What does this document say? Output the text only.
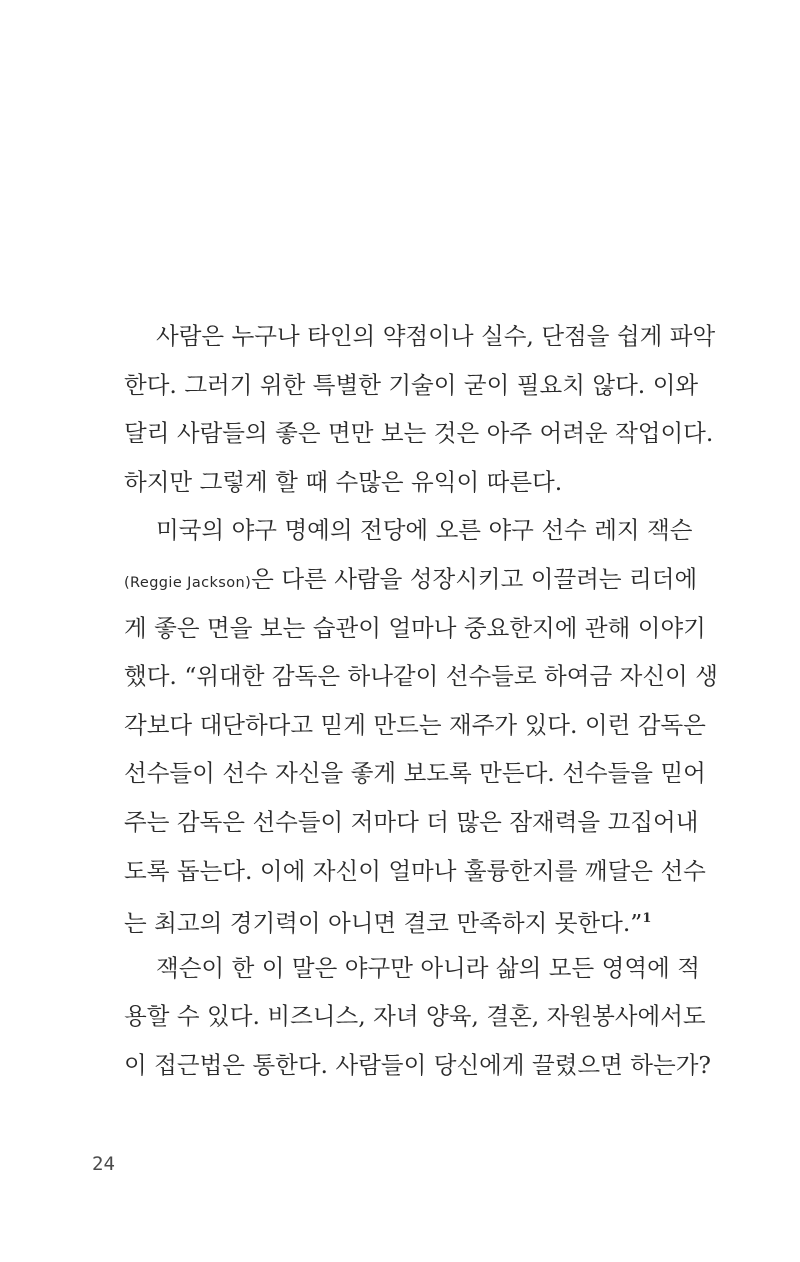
사람은 누구나 타인의 약점이나 실수, 단점을 쉽게 파악
한다. 그러기 위한 특별한 기술이 굳이 필요치 않다. 이와
달리 사람들의 좋은 면만 보는 것은 아주 어려운 작업이다.
하지만 그렇게 할 때 수많은 유익이 따른다.
미국의 야구 명예의 전당에 오른 야구 선수 레지 잭슨
(Reggie Jackson)은 다른 사람을 성장시키고 이끌려는 리더에
게 좋은 면을 보는 습관이 얼마나 중요한지에 관해 이야기
했다. “위대한 감독은 하나같이 선수들로 하여금 자신이 생
각보다 대단하다고 믿게 만드는 재주가 있다. 이런 감독은
선수들이 선수 자신을 좋게 보도록 만든다. 선수들을 믿어
주는 감독은 선수들이 저마다 더 많은 잠재력을 끄집어내
도록 돕는다. 이에 자신이 얼마나 훌륭한지를 깨달은 선수
는 최고의 경기력이 아니면 결코 만족하지 못한다.”$^1$
잭슨이 한 이 말은 야구만 아니라 삶의 모든 영역에 적
용할 수 있다. 비즈니스, 자녀 양육, 결혼, 자원봉사에서도
이 접근법은 통한다. 사람들이 당신에게 끌렸으면 하는가?
24
